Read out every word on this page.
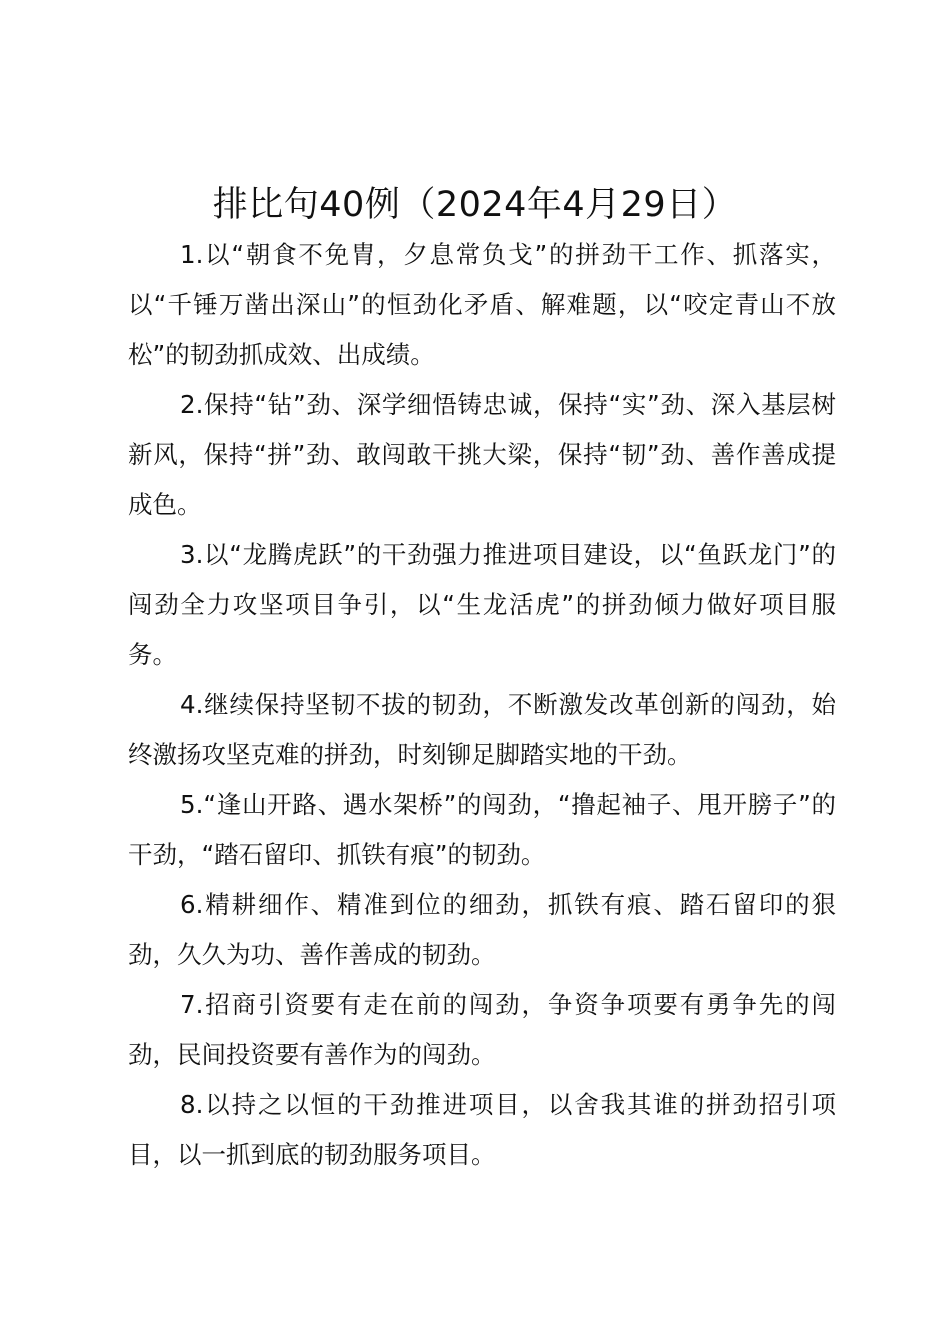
排比句40例（2024年4月29日）

1.以“朝食不免胄，夕息常负戈”的拼劲干工作、抓落实，以“千锤万凿出深山”的恒劲化矛盾、解难题，以“咬定青山不放松”的韧劲抓成效、出成绩。

2.保持“钻”劲、深学细悟铸忠诚，保持“实”劲、深入基层树新风，保持“拼”劲、敢闯敢干挑大梁，保持“韧”劲、善作善成提成色。

3.以“龙腾虎跃”的干劲强力推进项目建设，以“鱼跃龙门”的闯劲全力攻坚项目争引，以“生龙活虎”的拼劲倾力做好项目服务。

4.继续保持坚韧不拔的韧劲，不断激发改革创新的闯劲，始终激扬攻坚克难的拼劲，时刻铆足脚踏实地的干劲。

5.“逢山开路、遇水架桥”的闯劲，“撸起袖子、甩开膀子”的干劲，“踏石留印、抓铁有痕”的韧劲。

6.精耕细作、精准到位的细劲，抓铁有痕、踏石留印的狠劲，久久为功、善作善成的韧劲。

7.招商引资要有走在前的闯劲，争资争项要有勇争先的闯劲，民间投资要有善作为的闯劲。

8.以持之以恒的干劲推进项目，以舍我其谁的拼劲招引项目，以一抓到底的韧劲服务项目。
